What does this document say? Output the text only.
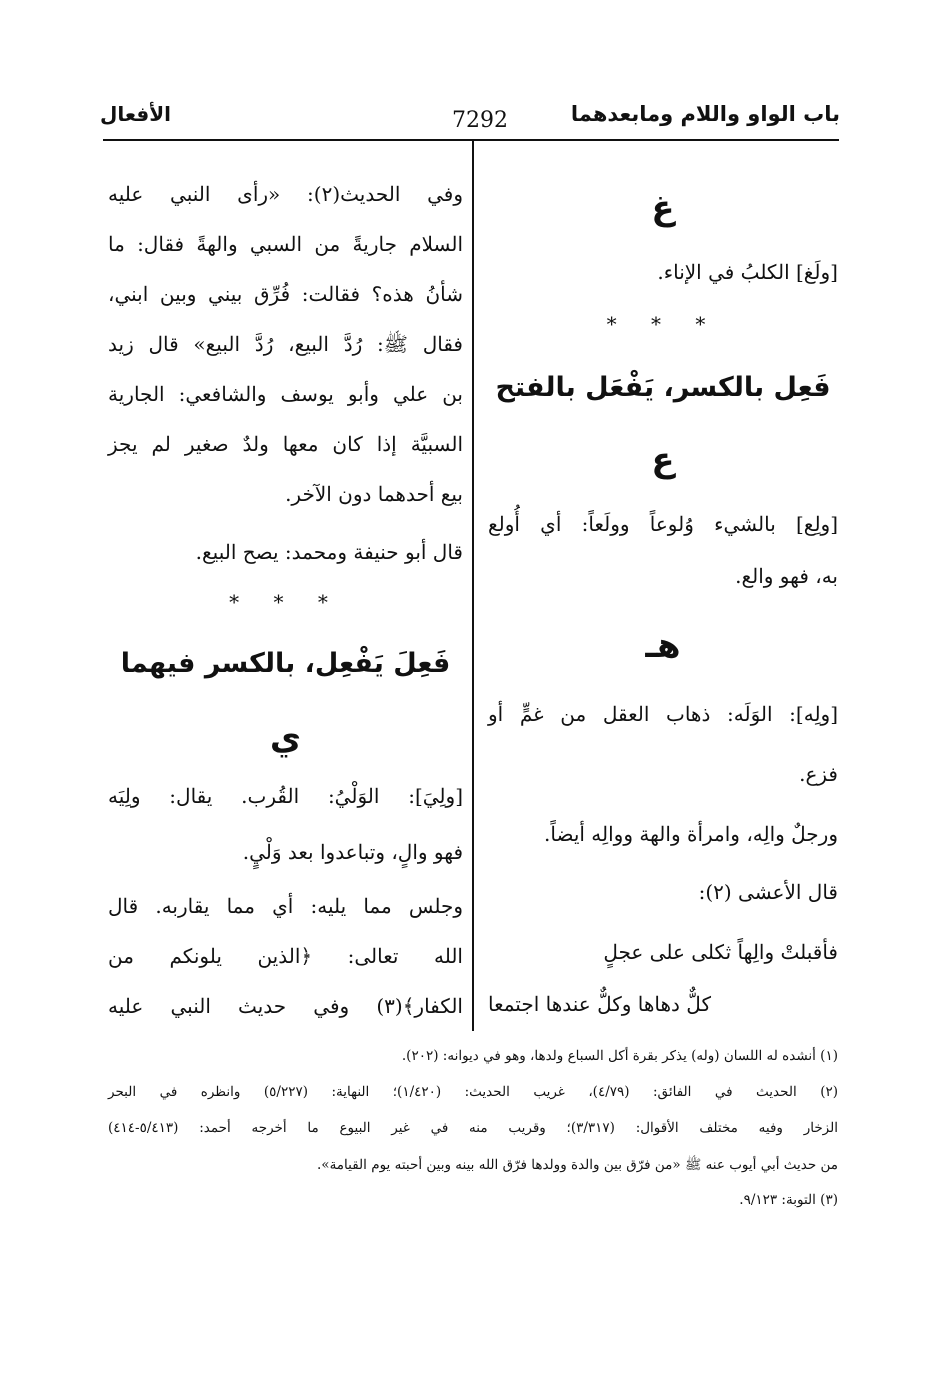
باب الواو واللام ومابعدهما
7292
الأفعال
غ
[ولَغ] الكلبُ في الإناء.
* * *
فَعِل بالكسر، يَفْعَل بالفتح
ع
[ولِع] بالشيء وُلوعاً وولَعاً: أي أُولع
به، فهو والع.
هـ
[ولِه]: الوَلَه: ذهاب العقل من غمٍّ أو
فزع.
ورجلٌ والِه، وامرأة والهة ووالِه أيضاً.
قال الأعشى (٢):
فأقبلتْ والِهاً ثكلى على عجلٍ
كلٌّ دهاها وكلٌّ عندها اجتمعا
وفي الحديث(٢): «رأى النبي عليه
السلام جاريةً من السبي والهةً فقال: ما
شأنُ هذه؟ فقالت: فُرِّق بيني وبين ابني،
فقال ﷺ: رُدَّ البيع، رُدَّ البيع» قال زيد
بن علي وأبو يوسف والشافعي: الجارية
السبيَّة إذا كان معها ولدٌ صغير لم يجز
بيع أحدهما دون الآخر.
قال أبو حنيفة ومحمد: يصح البيع.
* * *
فَعِلَ يَفْعِل، بالكسر فيهما
ي
[ولِيَ]: الوَلْيُ: القُرب. يقال: ولِيَه
فهو والٍ، وتباعدوا بعد وَلْيٍ.
وجلس مما يليه: أي مما يقاربه. قال
الله تعالى: ﴿الذين يلونكم من
الكفار﴾(٣) وفي حديث النبي عليه
(١) أنشده له اللسان (وله) يذكر بقرة أكل السباع ولدها، وهو في ديوانه: (٢٠٢).
(٢) الحديث في الفائق: (٤/٧٩)، غريب الحديث: (١/٤٢٠)؛ النهاية: (٥/٢٢٧) وانظره في البحر
الزخار وفيه مختلف الأقوال: (٣/٣١٧)؛ وقريب منه في غير البيوع ما أخرجه أحمد: (٥/٤١٣-٤١٤)
من حديث أبي أيوب عنه ﷺ «من فرّق بين والدة وولدها فرّق الله بينه وبين أحبته يوم القيامة».
(٣) التوبة: ٩/١٢٣.
